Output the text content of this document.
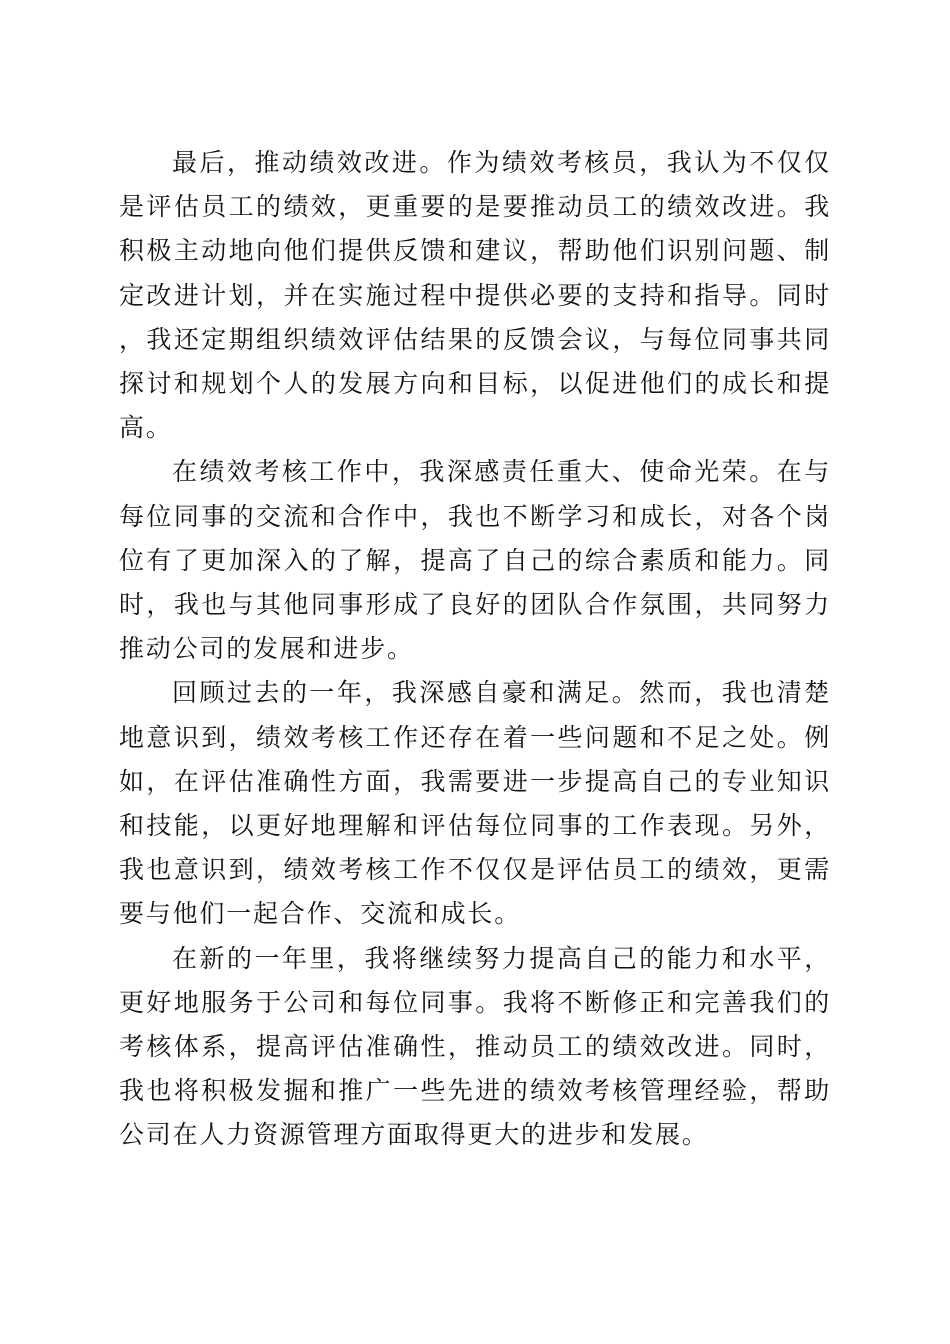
最后，推动绩效改进。作为绩效考核员，我认为不仅仅是评估员工的绩效，更重要的是要推动员工的绩效改进。我积极主动地向他们提供反馈和建议，帮助他们识别问题、制定改进计划，并在实施过程中提供必要的支持和指导。同时，我还定期组织绩效评估结果的反馈会议，与每位同事共同探讨和规划个人的发展方向和目标，以促进他们的成长和提高。

在绩效考核工作中，我深感责任重大、使命光荣。在与每位同事的交流和合作中，我也不断学习和成长，对各个岗位有了更加深入的了解，提高了自己的综合素质和能力。同时，我也与其他同事形成了良好的团队合作氛围，共同努力推动公司的发展和进步。

回顾过去的一年，我深感自豪和满足。然而，我也清楚地意识到，绩效考核工作还存在着一些问题和不足之处。例如，在评估准确性方面，我需要进一步提高自己的专业知识和技能，以更好地理解和评估每位同事的工作表现。另外，我也意识到，绩效考核工作不仅仅是评估员工的绩效，更需要与他们一起合作、交流和成长。

在新的一年里，我将继续努力提高自己的能力和水平，更好地服务于公司和每位同事。我将不断修正和完善我们的考核体系，提高评估准确性，推动员工的绩效改进。同时，我也将积极发掘和推广一些先进的绩效考核管理经验，帮助公司在人力资源管理方面取得更大的进步和发展。
